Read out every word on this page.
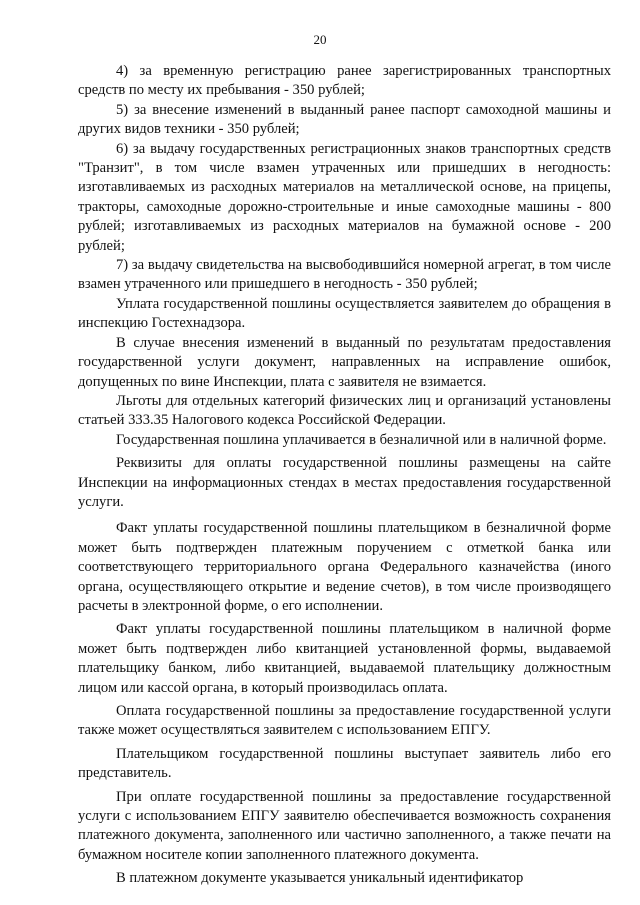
20

4) за временную регистрацию ранее зарегистрированных транспортных средств по месту их пребывания - 350 рублей;

5) за внесение изменений в выданный ранее паспорт самоходной машины и других видов техники - 350 рублей;

6) за выдачу государственных регистрационных знаков транспортных средств "Транзит", в том числе взамен утраченных или пришедших в негодность: изготавливаемых из расходных материалов на металлической основе, на прицепы, тракторы, самоходные дорожно-строительные и иные самоходные машины - 800 рублей; изготавливаемых из расходных материалов на бумажной основе - 200 рублей;

7) за выдачу свидетельства на высвободившийся номерной агрегат, в том числе взамен утраченного или пришедшего в негодность - 350 рублей;

Уплата государственной пошлины осуществляется заявителем до обращения в инспекцию Гостехнадзора.

В случае внесения изменений в выданный по результатам предоставления государственной услуги документ, направленных на исправление ошибок, допущенных по вине Инспекции, плата с заявителя не взимается.

Льготы для отдельных категорий физических лиц и организаций установлены статьей 333.35 Налогового кодекса Российской Федерации.

Государственная пошлина уплачивается в безналичной или в наличной форме.

Реквизиты для оплаты государственной пошлины размещены на сайте Инспекции на информационных стендах в местах предоставления государственной услуги.

Факт уплаты государственной пошлины плательщиком в безналичной форме может быть подтвержден платежным поручением с отметкой банка или соответствующего территориального органа Федерального казначейства (иного органа, осуществляющего открытие и ведение счетов), в том числе производящего расчеты в электронной форме, о его исполнении.

Факт уплаты государственной пошлины плательщиком в наличной форме может быть подтвержден либо квитанцией установленной формы, выдаваемой плательщику банком, либо квитанцией, выдаваемой плательщику должностным лицом или кассой органа, в который производилась оплата.

Оплата государственной пошлины за предоставление государственной услуги также может осуществляться заявителем с использованием ЕПГУ.

Плательщиком государственной пошлины выступает заявитель либо его представитель.

При оплате государственной пошлины за предоставление государственной услуги с использованием ЕПГУ заявителю обеспечивается возможность сохранения платежного документа, заполненного или частично заполненного, а также печати на бумажном носителе копии заполненного платежного документа.

В платежном документе указывается уникальный идентификатор
